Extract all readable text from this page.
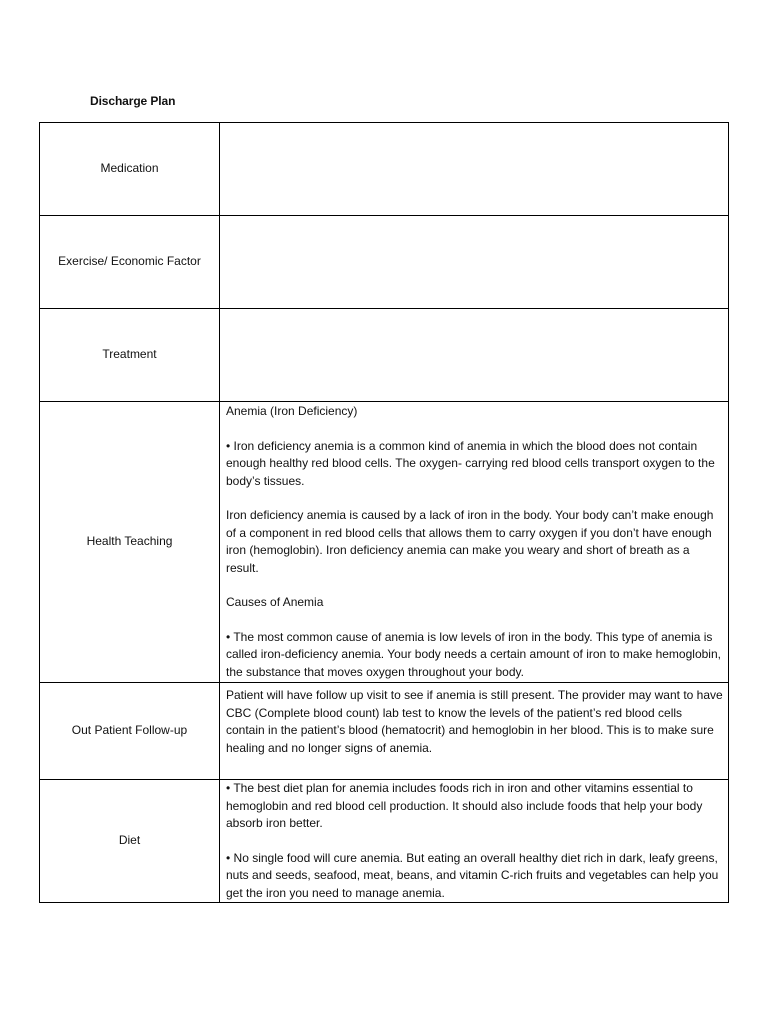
Discharge Plan
Medication	
Exercise/ Economic Factor	
Treatment	
Health Teaching	Anemia (Iron Deficiency)

• Iron deficiency anemia is a common kind of anemia in which the blood does not contain enough healthy red blood cells. The oxygen- carrying red blood cells transport oxygen to the body’s tissues.

Iron deficiency anemia is caused by a lack of iron in the body. Your body can’t make enough of a component in red blood cells that allows them to carry oxygen if you don’t have enough iron (hemoglobin). Iron deficiency anemia can make you weary and short of breath as a result.

Causes of Anemia

• The most common cause of anemia is low levels of iron in the body. This type of anemia is called iron-deficiency anemia. Your body needs a certain amount of iron to make hemoglobin, the substance that moves oxygen throughout your body.

Out Patient Follow-up	Patient will have follow up visit to see if anemia is still present. The provider may want to have CBC (Complete blood count) lab test to know the levels of the patient’s red blood cells contain in the patient’s blood (hematocrit) and hemoglobin in her blood. This is to make sure healing and no longer signs of anemia.

Diet	• The best diet plan for anemia includes foods rich in iron and other vitamins essential to hemoglobin and red blood cell production. It should also include foods that help your body absorb iron better.

• No single food will cure anemia. But eating an overall healthy diet rich in dark, leafy greens, nuts and seeds, seafood, meat, beans, and vitamin C-rich fruits and vegetables can help you get the iron you need to manage anemia.
